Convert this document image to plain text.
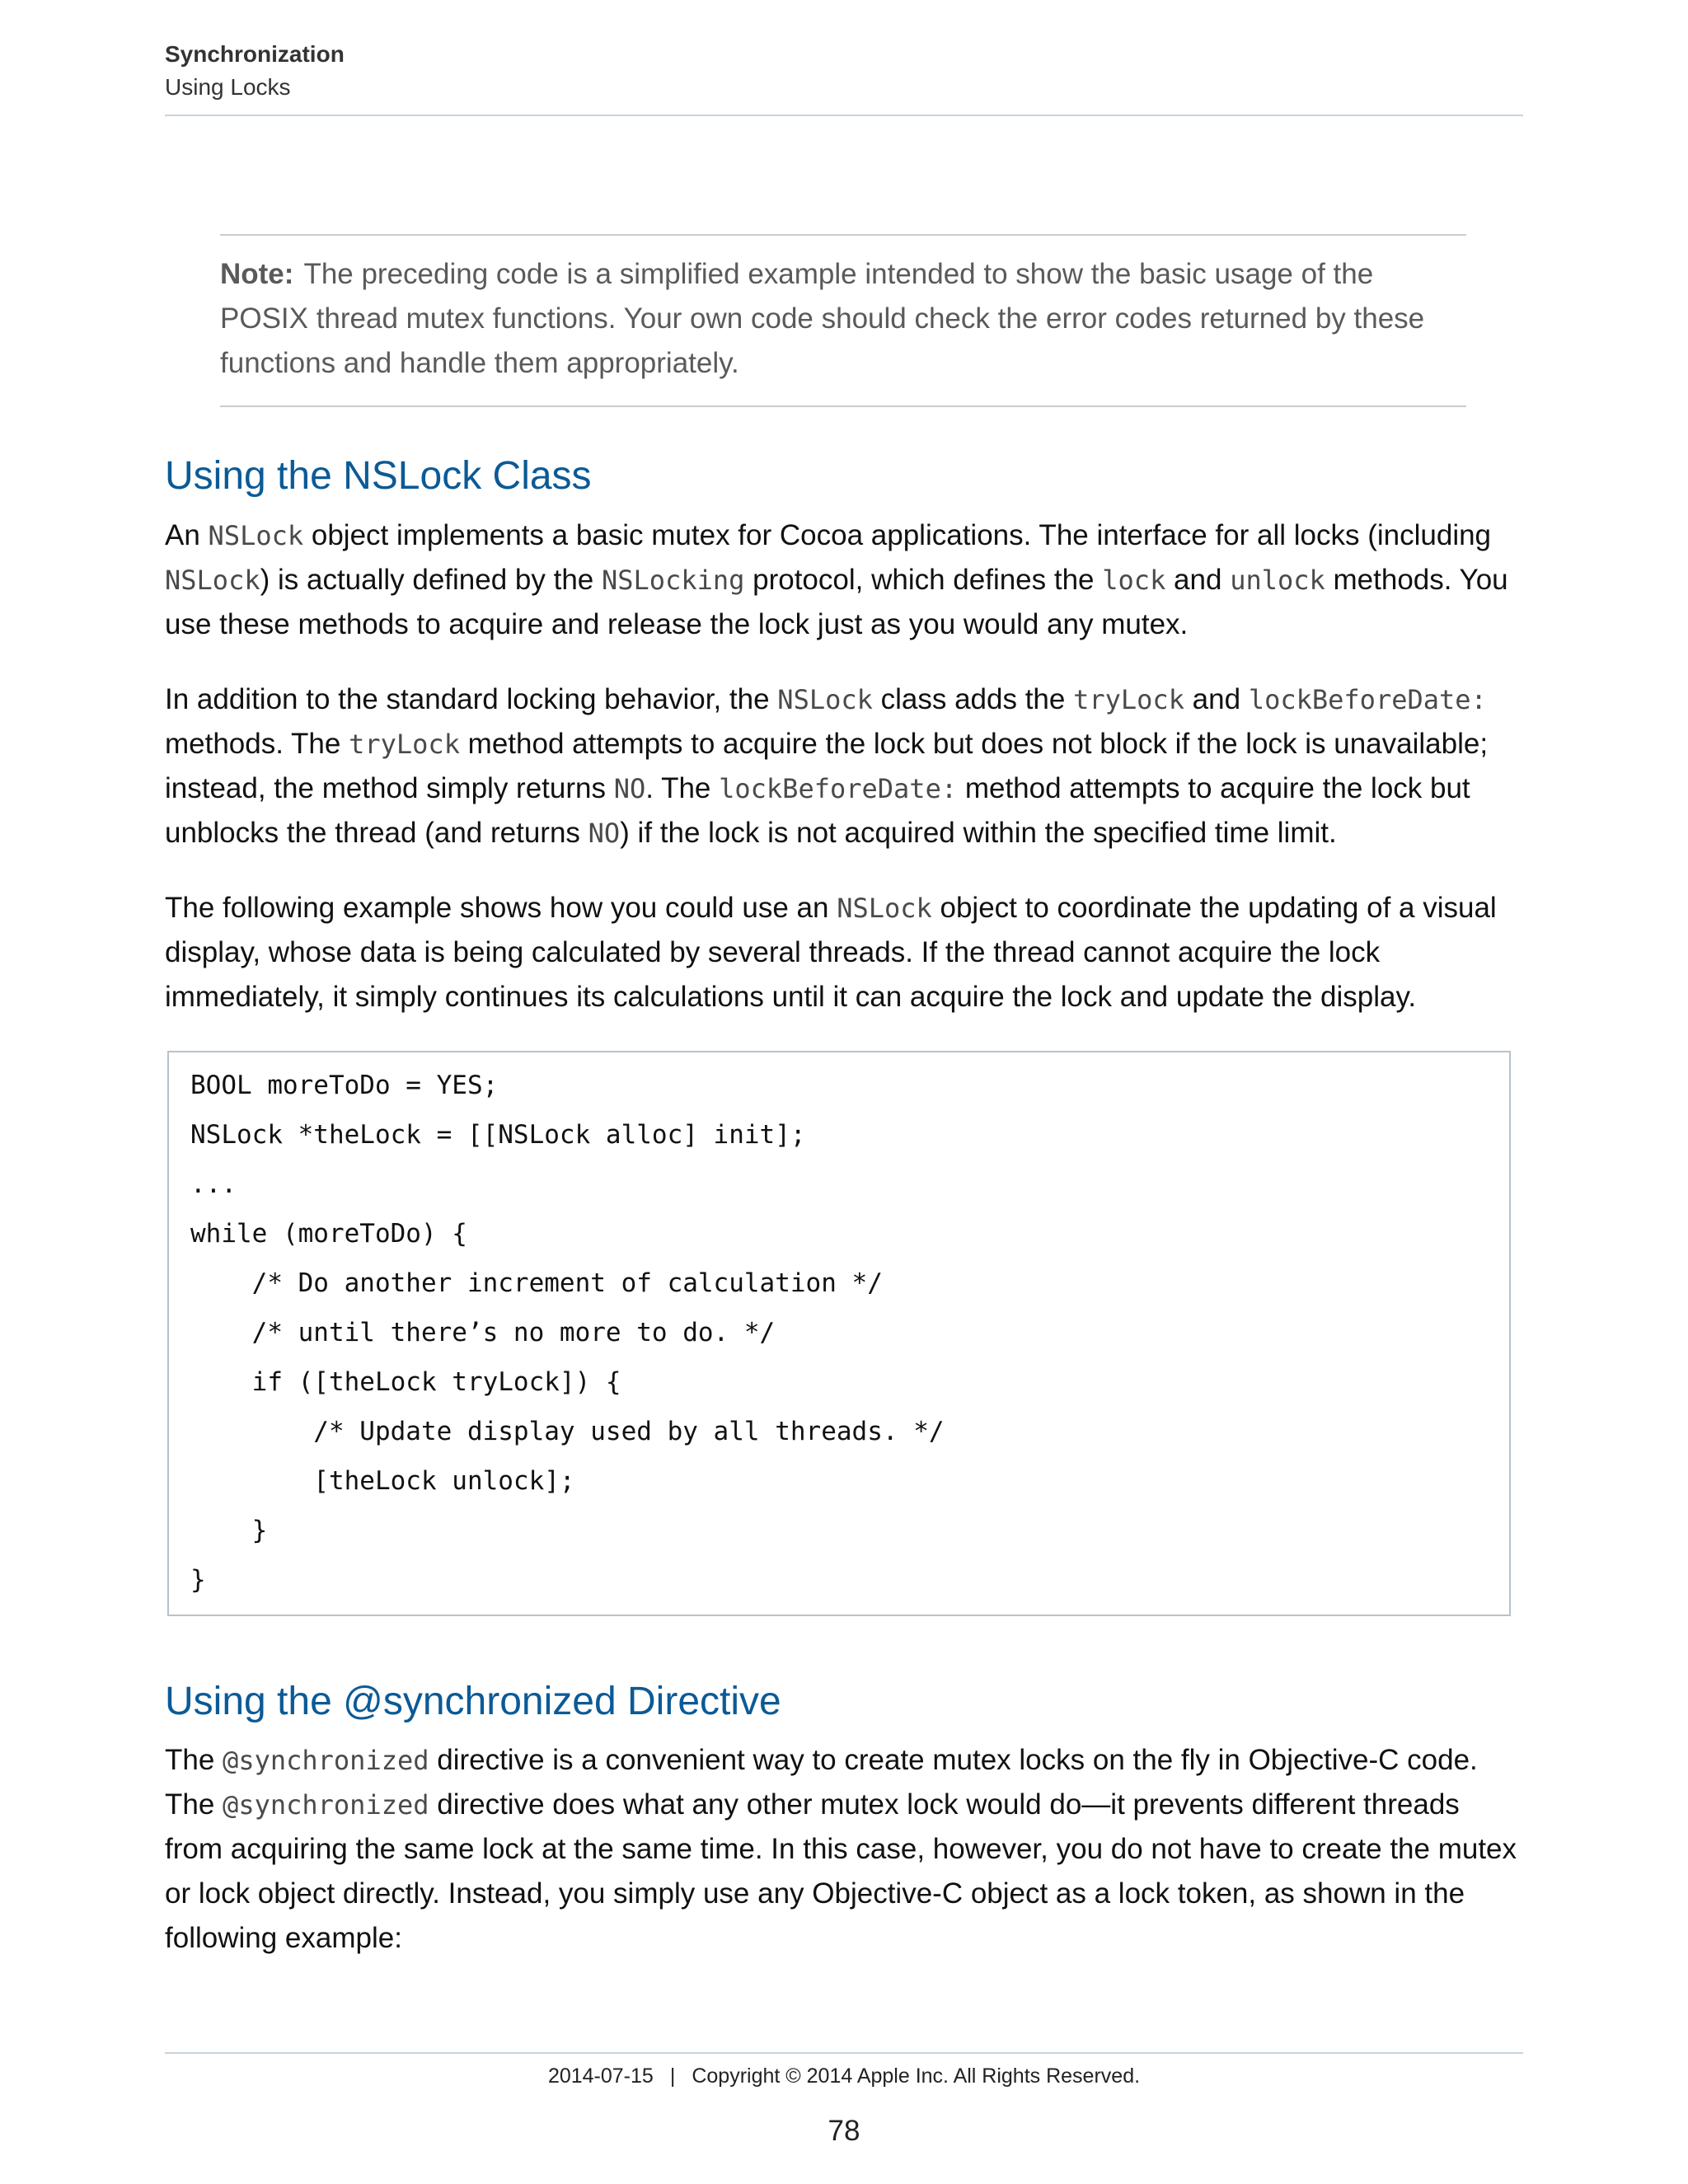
Synchronization
Using Locks

Note: The preceding code is a simplified example intended to show the basic usage of the POSIX thread mutex functions. Your own code should check the error codes returned by these functions and handle them appropriately.

Using the NSLock Class

An NSLock object implements a basic mutex for Cocoa applications. The interface for all locks (including NSLock) is actually defined by the NSLocking protocol, which defines the lock and unlock methods. You use these methods to acquire and release the lock just as you would any mutex.

In addition to the standard locking behavior, the NSLock class adds the tryLock and lockBeforeDate: methods. The tryLock method attempts to acquire the lock but does not block if the lock is unavailable; instead, the method simply returns NO. The lockBeforeDate: method attempts to acquire the lock but unblocks the thread (and returns NO) if the lock is not acquired within the specified time limit.

The following example shows how you could use an NSLock object to coordinate the updating of a visual display, whose data is being calculated by several threads. If the thread cannot acquire the lock immediately, it simply continues its calculations until it can acquire the lock and update the display.

BOOL moreToDo = YES;
NSLock *theLock = [[NSLock alloc] init];
...
while (moreToDo) {
/* Do another increment of calculation */
/* until there’s no more to do. */
if ([theLock tryLock]) {
/* Update display used by all threads. */
[theLock unlock];
}
}
Using the @synchronized Directive

The @synchronized directive is a convenient way to create mutex locks on the fly in Objective-C code. The @synchronized directive does what any other mutex lock would do—it prevents different threads from acquiring the same lock at the same time. In this case, however, you do not have to create the mutex or lock object directly. Instead, you simply use any Objective-C object as a lock token, as shown in the following example:

2014-07-15 | Copyright © 2014 Apple Inc. All Rights Reserved.
78
